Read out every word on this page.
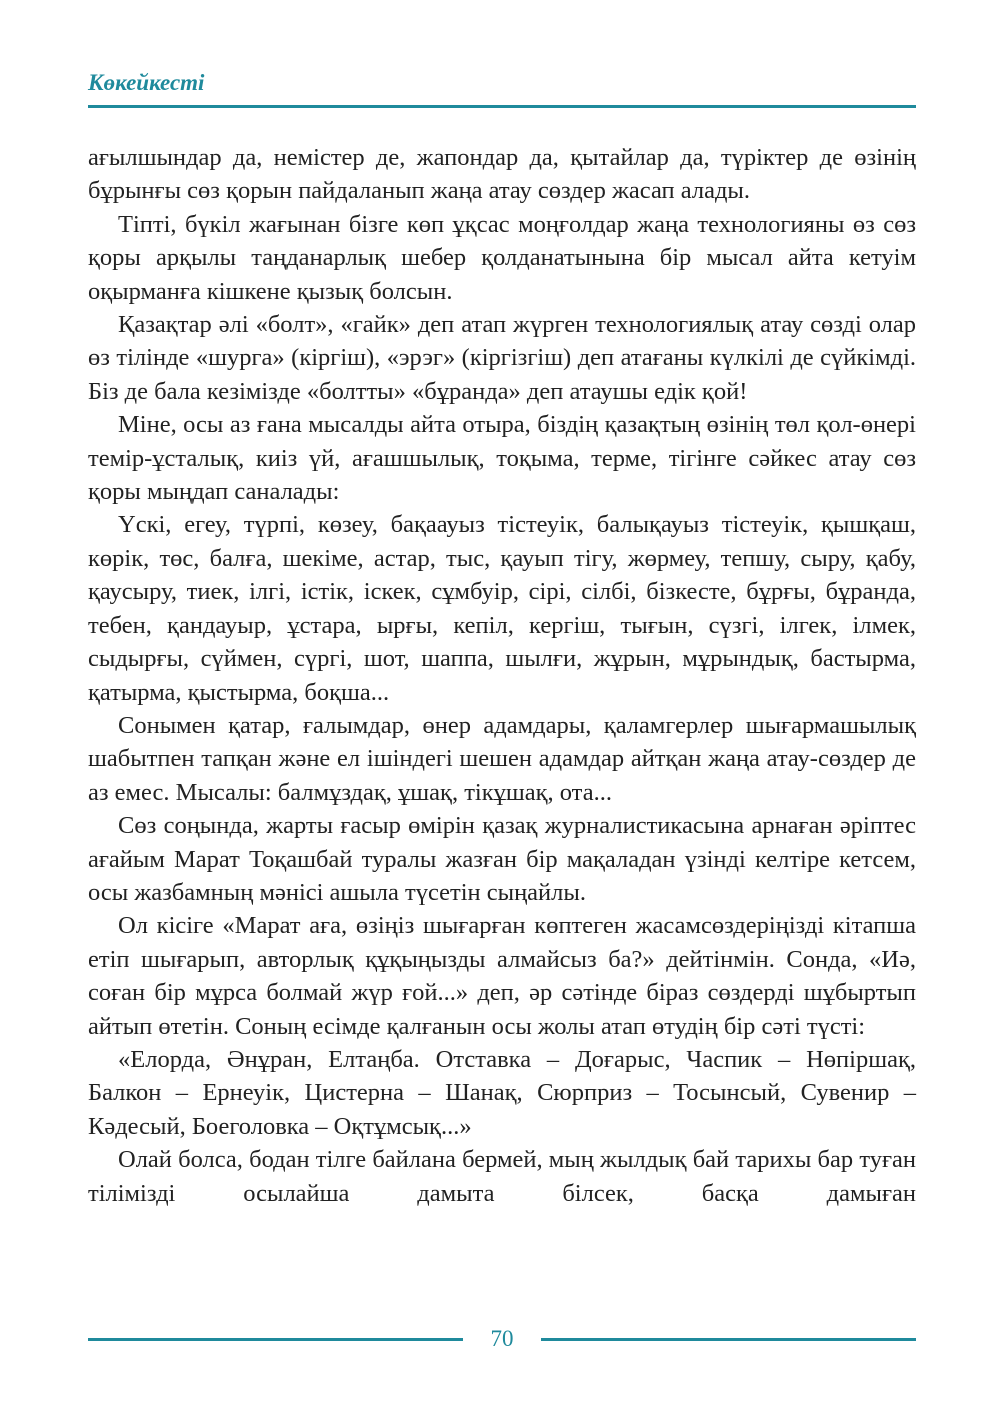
Көкейкесті

ағылшындар да, немістер де, жапондар да, қытайлар да, түріктер де өзінің бұрынғы сөз қорын пайдаланып жаңа атау сөздер жасап алады.

Тіпті, бүкіл жағынан бізге көп ұқсас моңғолдар жаңа технологияны өз сөз қоры арқылы таңданарлық шебер қолданатынына бір мысал айта кетуім оқырманға кішкене қызық болсын.

Қазақтар әлі «болт», «гайк» деп атап жүрген технологиялық атау сөзді олар өз тілінде «шурга» (кіргіш), «эрэг» (кіргізгіш) деп атағаны күлкілі де сүйкімді. Біз де бала кезімізде «болтты» «бұранда» деп атаушы едік қой!

Міне, осы аз ғана мысалды айта отыра, біздің қазақтың өзінің төл қол-өнері темір-ұсталық, киіз үй, ағашшылық, тоқыма, терме, тігінге сәйкес атау сөз қоры мыңдап саналады:

Үскі, егеу, түрпі, көзеу, бақаауыз тістеуік, балықауыз тістеуік, қышқаш, көрік, төс, балға, шекіме, астар, тыс, қауып тігу, жөрмеу, тепшу, сыру, қабу, қаусыру, тиек, ілгі, істік, іскек, сұмбуір, сірі, сілбі, бізкесте, бұрғы, бұранда, тебен, қандауыр, ұстара, ырғы, кепіл, кергіш, тығын, сүзгі, ілгек, ілмек, сыдырғы, сүймен, сүргі, шот, шаппа, шылғи, жұрын, мұрындық, бастырма, қатырма, қыстырма, боқша...

Сонымен қатар, ғалымдар, өнер адамдары, қаламгерлер шығармашылық шабытпен тапқан және ел ішіндегі шешен адамдар айтқан жаңа атау-сөздер де аз емес. Мысалы: балмұздақ, ұшақ, тікұшақ, ота...

Сөз соңында, жарты ғасыр өмірін қазақ журналистикасына арнаған әріптес ағайым Марат Тоқашбай туралы жазған бір мақаладан үзінді келтіре кетсем, осы жазбамның мәнісі ашыла түсетін сыңайлы.

Ол кісіге «Марат аға, өзіңіз шығарған көптеген жасамсөздеріңізді кітапша етіп шығарып, авторлық құқыңызды алмайсыз ба?» дейтінмін. Сонда, «Иә, соған бір мұрса болмай жүр ғой...» деп, әр сәтінде біраз сөздерді шұбыртып айтып өтетін. Соның есімде қалғанын осы жолы атап өтудің бір сәті түсті:

«Елорда, Әнұран, Елтаңба. Отставка – Доғарыс, Часпик – Нөпіршақ, Балкон – Ернеуік, Цистерна – Шанақ, Сюрприз – Тосынсый, Сувенир – Кәдесый, Боеголовка – Оқтұмсық...»

Олай болса, бодан тілге байлана бермей, мың жылдық бай тарихы бар туған тілімізді осылайша дамыта білсек, басқа дамыған

70
